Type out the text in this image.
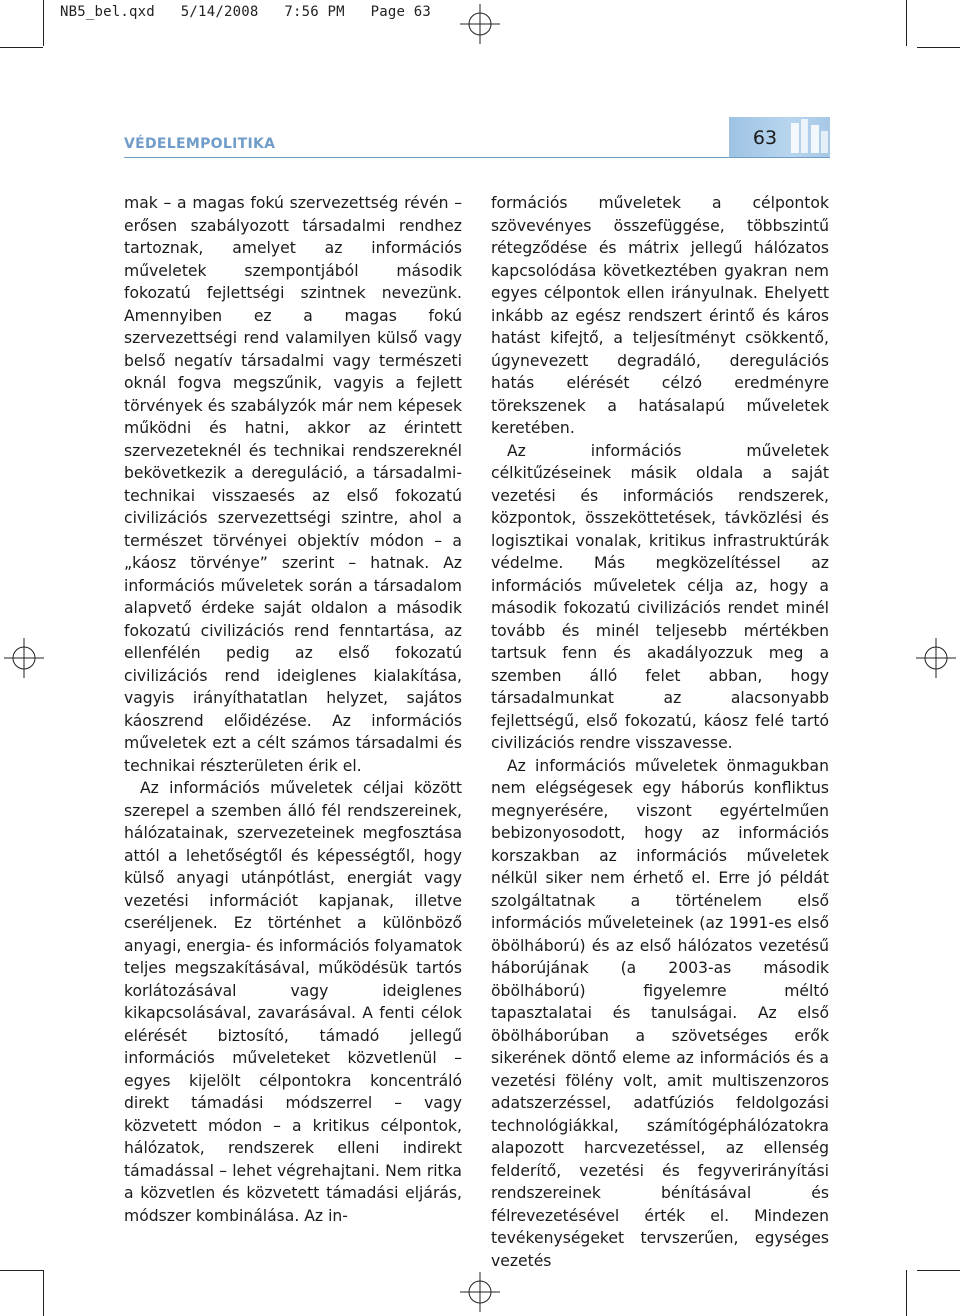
NB5_bel.qxd   5/14/2008   7:56 PM   Page 63
VÉDELEMPOLITIKA	63

mak – a magas fokú szervezettség révén – erősen szabályozott társadalmi rendhez tartoznak, amelyet az információs műveletek szempontjából második fokozatú fejlettségi szintnek nevezünk. Amennyiben ez a magas fokú szervezettségi rend valamilyen külső vagy belső negatív társadalmi vagy természeti oknál fogva megszűnik, vagyis a fejlett törvények és szabályzók már nem képesek működni és hatni, akkor az érintett szervezeteknél és technikai rendszereknél bekövetkezik a dereguláció, a társadalmi-technikai visszaesés az első fokozatú civilizációs szervezettségi szintre, ahol a természet törvényei objektív módon – a „káosz törvénye” szerint – hatnak. Az információs műveletek során a társadalom alapvető érdeke saját oldalon a második fokozatú civilizációs rend fenntartása, az ellenfélén pedig az első fokozatú civilizációs rend ideiglenes kialakítása, vagyis irányíthatatlan helyzet, sajátos káoszrend előidézése. Az információs műveletek ezt a célt számos társadalmi és technikai részterületen érik el.

Az információs műveletek céljai között szerepel a szemben álló fél rendszereinek, hálózatainak, szervezeteinek megfosztása attól a lehetőségtől és képességtől, hogy külső anyagi utánpótlást, energiát vagy vezetési információt kapjanak, illetve cseréljenek. Ez történhet a különböző anyagi, energia- és információs folyamatok teljes megszakításával, működésük tartós korlátozásával vagy ideiglenes kikapcsolásával, zavarásával. A fenti célok elérését biztosító, támadó jellegű információs műveleteket közvetlenül – egyes kijelölt célpontokra koncentráló direkt támadási módszerrel – vagy közvetett módon – a kritikus célpontok, hálózatok, rendszerek elleni indirekt támadással – lehet végrehajtani. Nem ritka a közvetlen és közvetett támadási eljárás, módszer kombinálása. Az in-

formációs műveletek a célpontok szövevényes összefüggése, többszintű rétegződése és mátrix jellegű hálózatos kapcsolódása következtében gyakran nem egyes célpontok ellen irányulnak. Ehelyett inkább az egész rendszert érintő és káros hatást kifejtő, a teljesítményt csökkentő, úgynevezett degradáló, deregulációs hatás elérését célzó eredményre törekszenek a hatásalapú műveletek keretében.

Az információs műveletek célkitűzéseinek másik oldala a saját vezetési és információs rendszerek, központok, összeköttetések, távközlési és logisztikai vonalak, kritikus infrastruktúrák védelme. Más megközelítéssel az információs műveletek célja az, hogy a második fokozatú civilizációs rendet minél tovább és minél teljesebb mértékben tartsuk fenn és akadályozzuk meg a szemben álló felet abban, hogy társadalmunkat az alacsonyabb fejlettségű, első fokozatú, káosz felé tartó civilizációs rendre visszavesse.

Az információs műveletek önmagukban nem elégségesek egy háborús konfliktus megnyerésére, viszont egyértelműen bebizonyosodott, hogy az információs korszakban az információs műveletek nélkül siker nem érhető el. Erre jó példát szolgáltatnak a történelem első információs műveleteinek (az 1991-es első öbölháború) és az első hálózatos vezetésű háborújának (a 2003-as második öbölháború) figyelemre méltó tapasztalatai és tanulságai. Az első öbölháborúban a szövetséges erők sikerének döntő eleme az információs és a vezetési fölény volt, amit multiszenzoros adatszerzéssel, adatfúziós feldolgozási technológiákkal, számítógéphálózatokra alapozott harcvezetéssel, az ellenség felderítő, vezetési és fegyverirányítási rendszereinek bénításával és félrevezetésével érték el. Mindezen tevékenységeket tervszerűen, egységes vezetés
